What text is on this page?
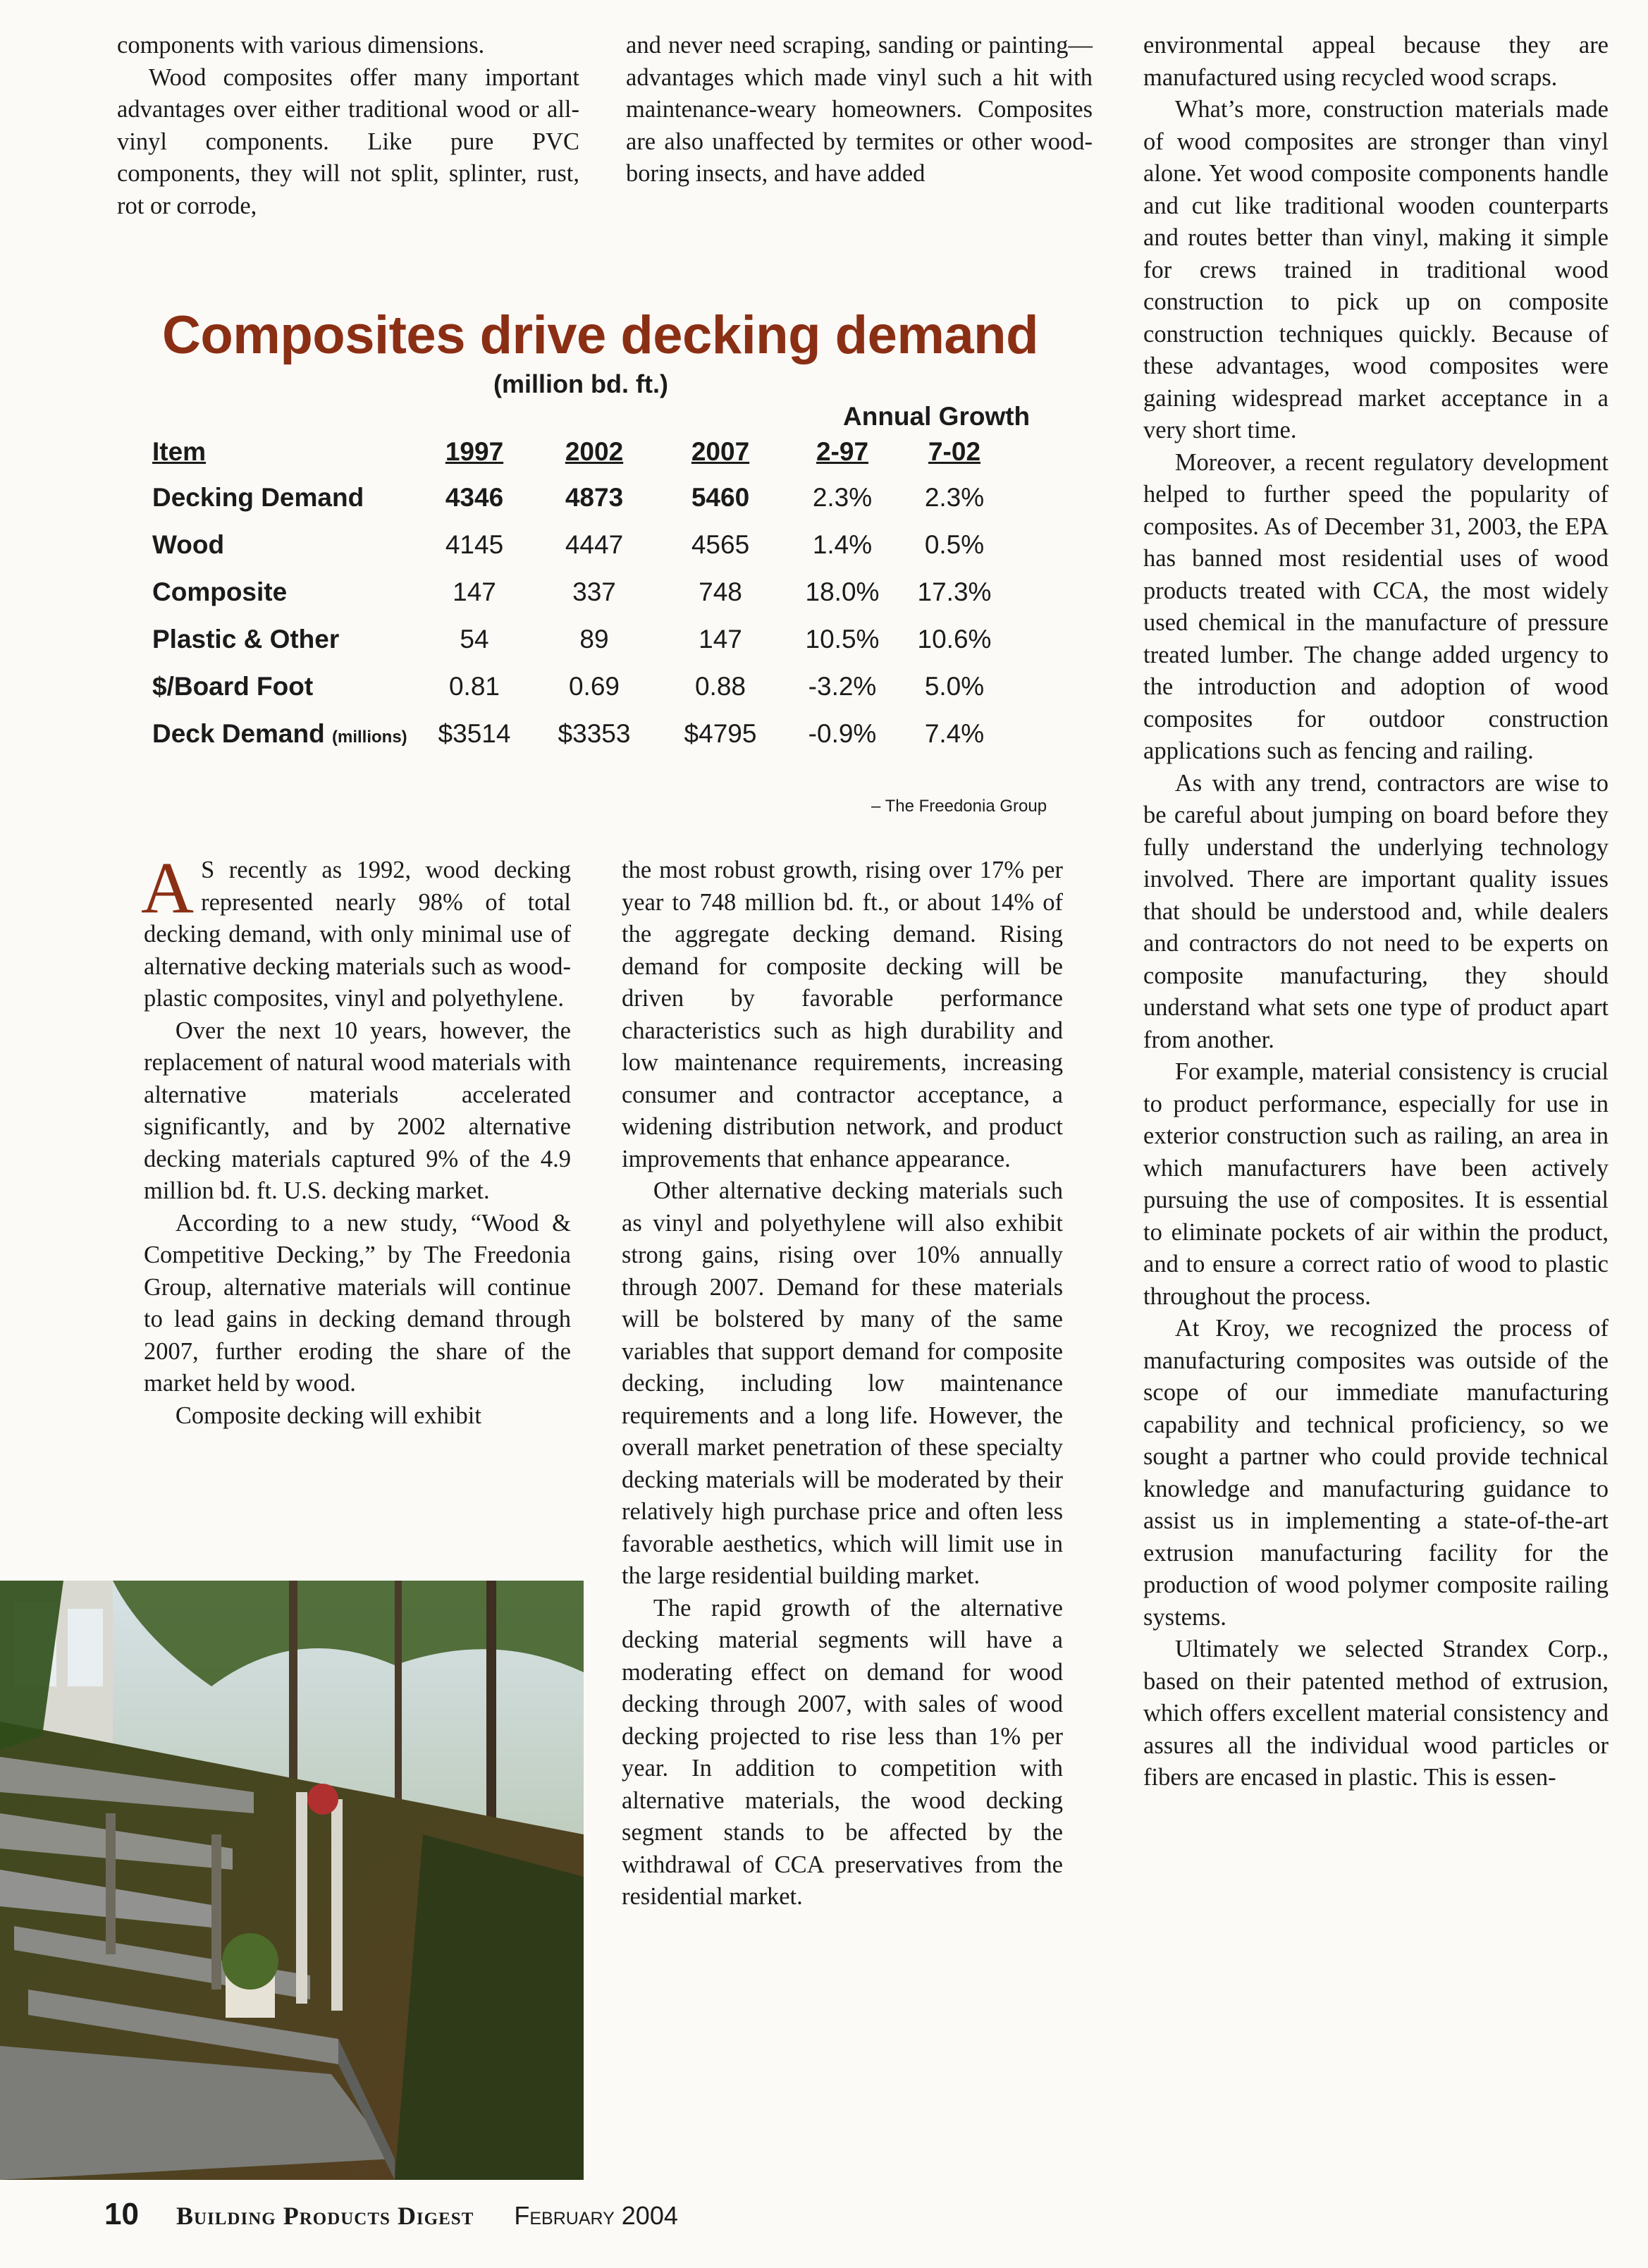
components with various dimensions.

Wood composites offer many important advantages over either traditional wood or all-vinyl components. Like pure PVC components, they will not split, splinter, rust, rot or corrode,

and never need scraping, sanding or painting—advantages which made vinyl such a hit with maintenance-weary homeowners. Composites are also unaffected by termites or other wood-boring insects, and have added

environmental appeal because they are manufactured using recycled wood scraps.

What’s more, construction materials made of wood composites are stronger than vinyl alone. Yet wood composite components handle and cut like traditional wooden counterparts and routes better than vinyl, making it simple for crews trained in traditional wood construction to pick up on composite construction techniques quickly. Because of these advantages, wood composites were gaining widespread market acceptance in a very short time.

Moreover, a recent regulatory development helped to further speed the popularity of composites. As of December 31, 2003, the EPA has banned most residential uses of wood products treated with CCA, the most widely used chemical in the manufacture of pressure treated lumber. The change added urgency to the introduction and adoption of wood composites for outdoor construction applications such as fencing and railing.

As with any trend, contractors are wise to be careful about jumping on board before they fully understand the underlying technology involved. There are important quality issues that should be understood and, while dealers and contractors do not need to be experts on composite manufacturing, they should understand what sets one type of product apart from another.

For example, material consistency is crucial to product performance, especially for use in exterior construction such as railing, an area in which manufacturers have been actively pursuing the use of composites. It is essential to eliminate pockets of air within the product, and to ensure a correct ratio of wood to plastic throughout the process.

At Kroy, we recognized the process of manufacturing composites was outside of the scope of our immediate manufacturing capability and technical proficiency, so we sought a partner who could provide technical knowledge and manufacturing guidance to assist us in implementing a state-of-the-art extrusion manufacturing facility for the production of wood polymer composite railing systems.

Ultimately we selected Strandex Corp., based on their patented method of extrusion, which offers excellent material consistency and assures all the individual wood particles or fibers are encased in plastic. This is essen-

Composites drive decking demand
(million bd. ft.)
Annual Growth
Item	1997	2002	2007	2-97	7-02
Decking Demand	4346	4873	5460	2.3%	2.3%
Wood	4145	4447	4565	1.4%	0.5%
Composite	147	337	748	18.0%	17.3%
Plastic & Other	54	89	147	10.5%	10.6%
$/Board Foot	0.81	0.69	0.88	-3.2%	5.0%
Deck Demand (millions)	$3514	$3353	$4795	-0.9%	7.4%
– The Freedonia Group

A S recently as 1992, wood decking represented nearly 98% of total decking demand, with only minimal use of alternative decking materials such as wood-plastic composites, vinyl and polyethylene.

Over the next 10 years, however, the replacement of natural wood materials with alternative materials accelerated significantly, and by 2002 alternative decking materials captured 9% of the 4.9 million bd. ft. U.S. decking market.

According to a new study, “Wood & Competitive Decking,” by The Freedonia Group, alternative materials will continue to lead gains in decking demand through 2007, further eroding the share of the market held by wood.

Composite decking will exhibit

the most robust growth, rising over 17% per year to 748 million bd. ft., or about 14% of the aggregate decking demand. Rising demand for composite decking will be driven by favorable performance characteristics such as high durability and low maintenance requirements, increasing consumer and contractor acceptance, a widening distribution network, and product improvements that enhance appearance.

Other alternative decking materials such as vinyl and polyethylene will also exhibit strong gains, rising over 10% annually through 2007. Demand for these materials will be bolstered by many of the same variables that support demand for composite decking, including low maintenance requirements and a long life. However, the overall market penetration of these specialty decking materials will be moderated by their relatively high purchase price and often less favorable aesthetics, which will limit use in the large residential building market.

The rapid growth of the alternative decking material segments will have a moderating effect on demand for wood decking through 2007, with sales of wood decking projected to rise less than 1% per year. In addition to competition with alternative materials, the wood decking segment stands to be affected by the withdrawal of CCA preservatives from the residential market.

10 Building Products Digest February 2004
